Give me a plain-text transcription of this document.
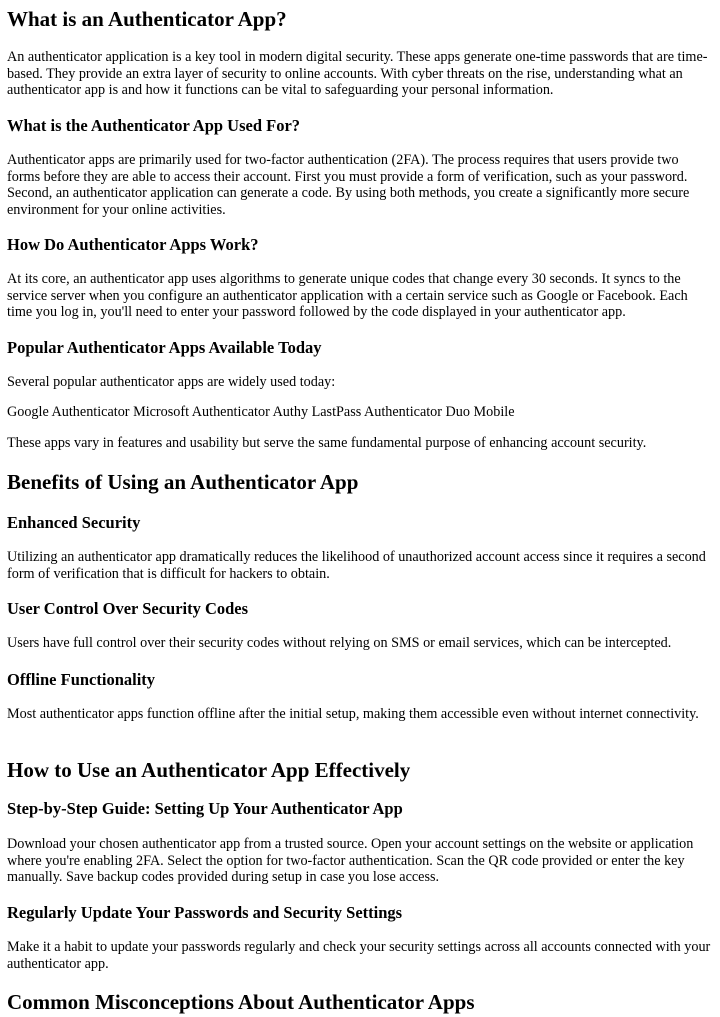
What is an Authenticator App?

An authenticator application is a key tool in modern digital security. These apps generate one-time passwords that are time-based. They provide an extra layer of security to online accounts. With cyber threats on the rise, understanding what an authenticator app is and how it functions can be vital to safeguarding your personal information.

What is the Authenticator App Used For?

Authenticator apps are primarily used for two-factor authentication (2FA). The process requires that users provide two forms before they are able to access their account. First you must provide a form of verification, such as your password. Second, an authenticator application can generate a code. By using both methods, you create a significantly more secure environment for your online activities.

How Do Authenticator Apps Work?

At its core, an authenticator app uses algorithms to generate unique codes that change every 30 seconds. It syncs to the service server when you configure an authenticator application with a certain service such as Google or Facebook. Each time you log in, you'll need to enter your password followed by the code displayed in your authenticator app.

Popular Authenticator Apps Available Today

Several popular authenticator apps are widely used today:

Google Authenticator Microsoft Authenticator Authy LastPass Authenticator Duo Mobile

These apps vary in features and usability but serve the same fundamental purpose of enhancing account security.

Benefits of Using an Authenticator App
Enhanced Security

Utilizing an authenticator app dramatically reduces the likelihood of unauthorized account access since it requires a second form of verification that is difficult for hackers to obtain.

User Control Over Security Codes

Users have full control over their security codes without relying on SMS or email services, which can be intercepted.

Offline Functionality

Most authenticator apps function offline after the initial setup, making them accessible even without internet connectivity.

How to Use an Authenticator App Effectively
Step-by-Step Guide: Setting Up Your Authenticator App

Download your chosen authenticator app from a trusted source. Open your account settings on the website or application where you're enabling 2FA. Select the option for two-factor authentication. Scan the QR code provided or enter the key manually. Save backup codes provided during setup in case you lose access.

Regularly Update Your Passwords and Security Settings

Make it a habit to update your passwords regularly and check your security settings across all accounts connected with your authenticator app.

Common Misconceptions About Authenticator Apps
